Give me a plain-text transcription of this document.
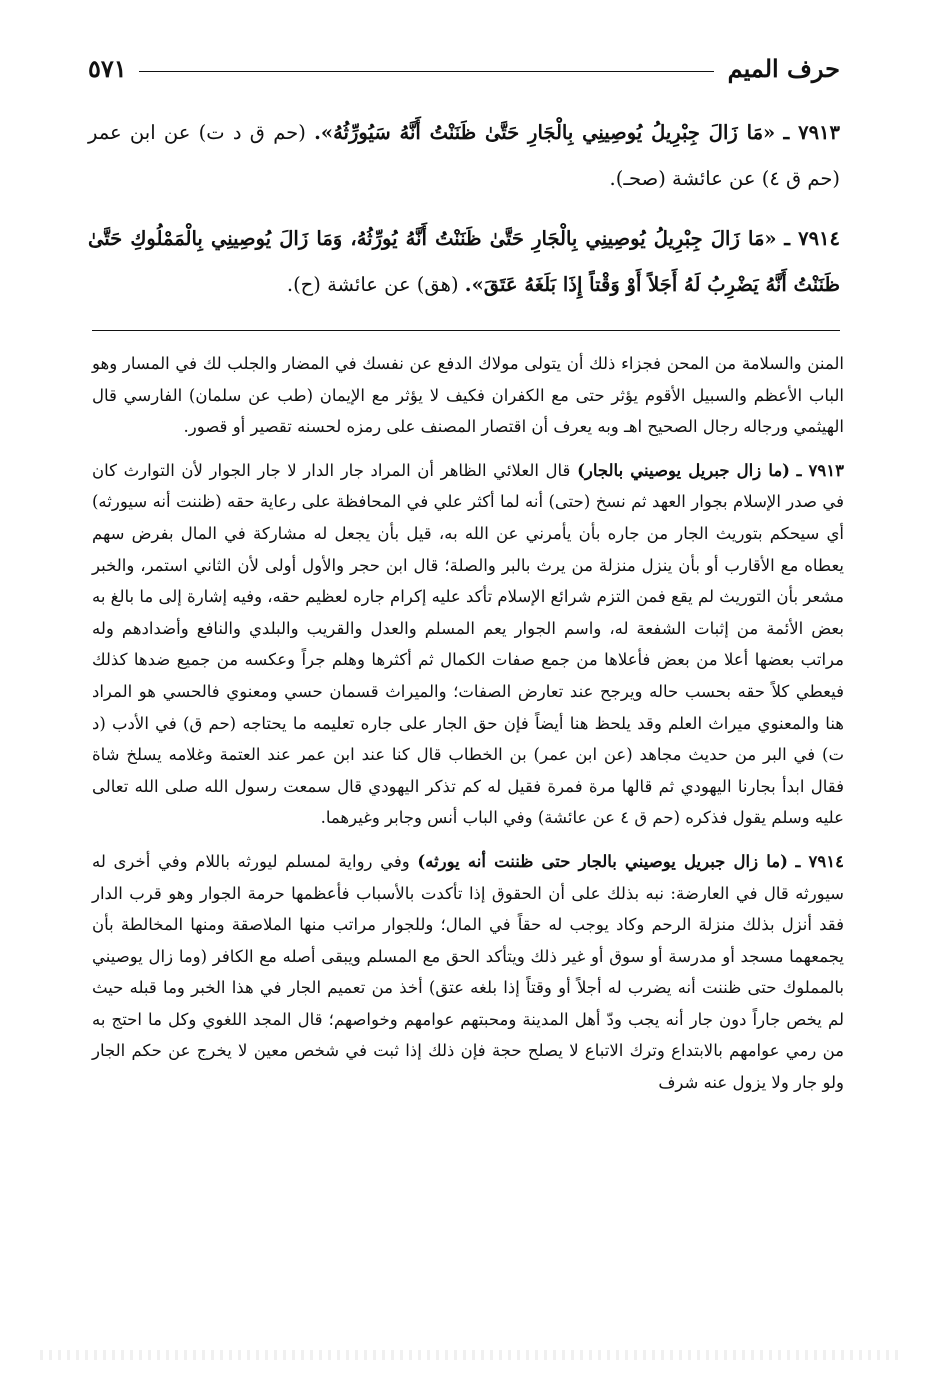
حرف الميم
٥٧١

٧٩١٣ ـ «مَا زَالَ جِبْرِيلُ يُوصِينِي بِالْجَارِ حَتَّىٰ ظَنَنْتُ أَنَّهُ سَيُورِّثُهُ». (حم ق د ت) عن ابن عمر (حم ق ٤) عن عائشة (صحـ).

٧٩١٤ ـ «مَا زَالَ جِبْرِيلُ يُوصِينِي بِالْجَارِ حَتَّىٰ ظَنَنْتُ أَنَّهُ يُورِّثُهُ، وَمَا زَالَ يُوصِينِي بِالْمَمْلُوكِ حَتَّىٰ ظَنَنْتُ أَنَّهُ يَضْرِبُ لَهُ أَجَلاً أَوْ وَقْتاً إِذَا بَلَغَهُ عَتَقَ». (هق) عن عائشة (ح).

المنن والسلامة من المحن فجزاء ذلك أن يتولى مولاك الدفع عن نفسك في المضار والجلب لك في المسار وهو الباب الأعظم والسبيل الأقوم يؤثر حتى مع الكفران فكيف لا يؤثر مع الإيمان (طب عن سلمان) الفارسي قال الهيثمي ورجاله رجال الصحيح اهـ وبه يعرف أن اقتصار المصنف على رمزه لحسنه تقصير أو قصور.

٧٩١٣ ـ (ما زال جبريل يوصيني بالجار) قال العلائي الظاهر أن المراد جار الدار لا جار الجوار لأن التوارث كان في صدر الإسلام بجوار العهد ثم نسخ (حتى) أنه لما أكثر علي في المحافظة على رعاية حقه (ظننت أنه سيورثه) أي سيحكم بتوريث الجار من جاره بأن يأمرني عن الله به، قيل بأن يجعل له مشاركة في المال بفرض سهم يعطاه مع الأقارب أو بأن ينزل منزلة من يرث بالبر والصلة؛ قال ابن حجر والأول أولى لأن الثاني استمر، والخبر مشعر بأن التوريث لم يقع فمن التزم شرائع الإسلام تأكد عليه إكرام جاره لعظيم حقه، وفيه إشارة إلى ما بالغ به بعض الأئمة من إثبات الشفعة له، واسم الجوار يعم المسلم والعدل والقريب والبلدي والنافع وأضدادهم وله مراتب بعضها أعلا من بعض فأعلاها من جمع صفات الكمال ثم أكثرها وهلم جراً وعكسه من جميع ضدها كذلك فيعطي كلاً حقه بحسب حاله ويرجح عند تعارض الصفات؛ والميراث قسمان حسي ومعنوي فالحسي هو المراد هنا والمعنوي ميراث العلم وقد يلحظ هنا أيضاً فإن حق الجار على جاره تعليمه ما يحتاجه (حم ق) في الأدب (د ت) في البر من حديث مجاهد (عن ابن عمر) بن الخطاب قال كنا عند ابن عمر عند العتمة وغلامه يسلخ شاة فقال ابدأ بجارنا اليهودي ثم قالها مرة فمرة فقيل له كم تذكر اليهودي قال سمعت رسول الله صلى الله تعالى عليه وسلم يقول فذكره (حم ق ٤ عن عائشة) وفي الباب أنس وجابر وغيرهما.

٧٩١٤ ـ (ما زال جبريل يوصيني بالجار حتى ظننت أنه يورثه) وفي رواية لمسلم ليورثه باللام وفي أخرى له سيورثه قال في العارضة: نبه بذلك على أن الحقوق إذا تأكدت بالأسباب فأعظمها حرمة الجوار وهو قرب الدار فقد أنزل بذلك منزلة الرحم وكاد يوجب له حقاً في المال؛ وللجوار مراتب منها الملاصقة ومنها المخالطة بأن يجمعهما مسجد أو مدرسة أو سوق أو غير ذلك ويتأكد الحق مع المسلم ويبقى أصله مع الكافر (وما زال يوصيني بالمملوك حتى ظننت أنه يضرب له أجلاً أو وقتاً إذا بلغه عتق) أخذ من تعميم الجار في هذا الخبر وما قبله حيث لم يخص جاراً دون جار أنه يجب ودّ أهل المدينة ومحبتهم عوامهم وخواصهم؛ قال المجد اللغوي وكل ما احتج به من رمي عوامهم بالابتداع وترك الاتباع لا يصلح حجة فإن ذلك إذا ثبت في شخص معين لا يخرج عن حكم الجار ولو جار ولا يزول عنه شرف
